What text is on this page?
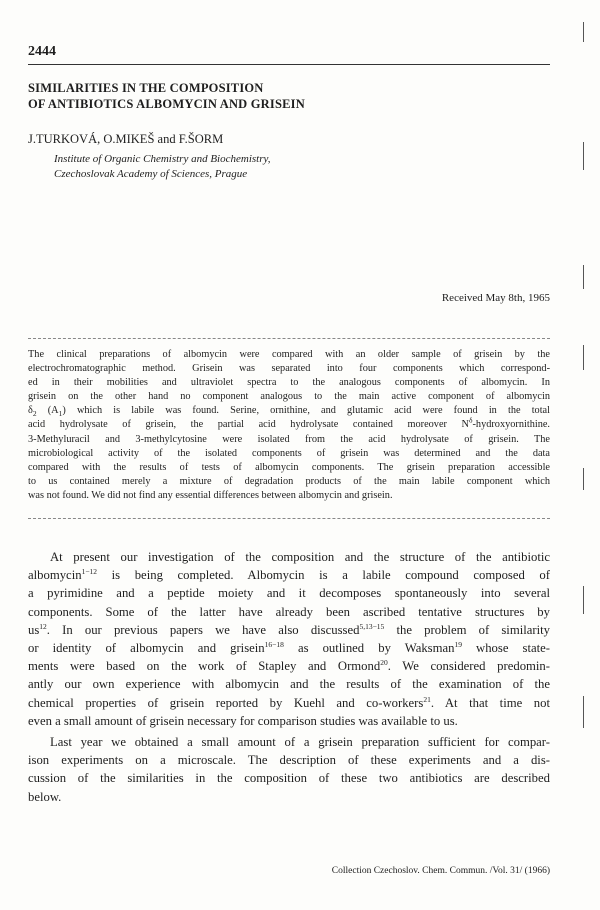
2444
SIMILARITIES IN THE COMPOSITION
OF ANTIBIOTICS ALBOMYCIN AND GRISEIN
J.TURKOVÁ, O.MIKEŠ and F.ŠORM
Institute of Organic Chemistry and Biochemistry,
Czechoslovak Academy of Sciences, Prague
Received May 8th, 1965
The clinical preparations of albomycin were compared with an older sample of grisein by the
electrochromatographic method. Grisein was separated into four components which correspond-
ed in their mobilities and ultraviolet spectra to the analogous components of albomycin. In
grisein on the other hand no component analogous to the main active component of albomycin
$\delta_2$ $(A_1)$ which is labile was found. Serine, ornithine, and glutamic acid were found in the total
acid hydrolysate of grisein, the partial acid hydrolysate contained moreover $N^\delta$-hydroxyornithine.
3-Methyluracil and 3-methylcytosine were isolated from the acid hydrolysate of grisein. The
microbiological activity of the isolated components of grisein was determined and the data
compared with the results of tests of albomycin components. The grisein preparation accessible
to us contained merely a mixture of degradation products of the main labile component which
was not found. We did not find any essential differences between albomycin and grisein.
At present our investigation of the composition and the structure of the antibiotic
albomycin$^{1-12}$ is being completed. Albomycin is a labile compound composed of
a pyrimidine and a peptide moiety and it decomposes spontaneously into several
components. Some of the latter have already been ascribed tentative structures by
$us^{12}$. In our previous papers we have also discussed$^{5,13-15}$ the problem of similarity
or identity of albomycin and grisein$^{16-18}$ as outlined by Waksman$^{19}$ whose state-
ments were based on the work of Stapley and Ormond$^{20}$. We considered predomin-
antly our own experience with albomycin and the results of the examination of the
chemical properties of grisein reported by Kuehl and co-workers$^{21}$. At that time not
even a small amount of grisein necessary for comparison studies was available to us.
Last year we obtained a small amount of a grisein preparation sufficient for compar-
ison experiments on a microscale. The description of these experiments and a dis-
cussion of the similarities in the composition of these two antibiotics are described
below.
Collection Czechoslov. Chem. Commun. /Vol. 31/ (1966)
